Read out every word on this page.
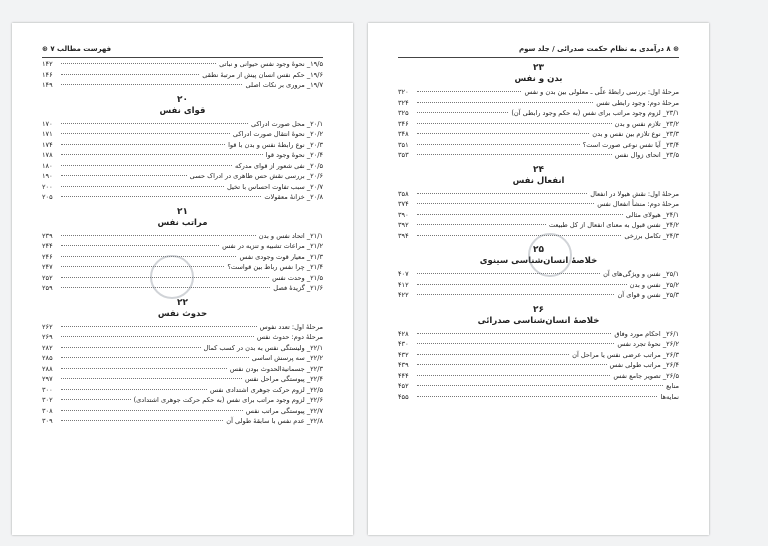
فهرست مطالب ۷ ⊛
۱۹/۵_ نحوۀ وجود نفس حیوانی و نباتی
۱۴۲
۱۹/۶_ حکم نفس انسان پیش از مرتبۀ نطقی
۱۴۶
۱۹/۷_ مروری بر نکات اصلی
۱۴۹
۲۰
قوای نفس
۲۰/۱_ محل صورت ادراکی
۱۷۰
۲۰/۲_ نحوۀ انتقال صورت ادراکی
۱۷۱
۲۰/۳_ نوع رابطۀ نفس و بدن با قوا
۱۷۴
۲۰/۴_ نحوۀ وجود قوا
۱۷۸
۲۰/۵_ نفی شعور از قوای مدرکه
۱۸۰
۲۰/۶_ بررسی نقش حس ظاهری در ادراک حسی
۱۹۰
۲۰/۷_ سبب تفاوت احساس با تخیل
۲۰۰
۲۰/۸_ خزانۀ معقولات
۲۰۵
۲۱
مراتب نفس
۲۱/۱_ اتحاد نفس و بدن
۲۳۹
۲۱/۲_ مراعات تشبیه و تنزیه در نفس
۲۴۴
۲۱/۳_ معیار قوت وجودی نفس
۲۴۶
۲۱/۴_ چرا نفس رباط بین قواست؟
۲۴۷
۲۱/۵_ وحدت نفس
۲۵۲
۲۱/۶_ گزیدۀ فصل
۲۵۹
۲۲
حدوث نفس
مرحلۀ اول: تعدد نفوس
۲۶۲
مرحلۀ دوم: حدوث نفس
۲۶۹
۲۲/۱_ ولیستگی نفس به بدن در کسب کمال
۲۸۲
۲۲/۲_ سه پرسش اساسی
۲۸۵
۲۲/۳_ جسمانیةالحدوث بودن نفس
۲۸۸
۲۲/۴_ پیوستگی مراحل نفس
۲۹۷
۲۲/۵_ لزوم حرکت جوهری اشتدادی نفس
۳۰۰
۲۲/۶_ لزوم وجود مراتب برای نفس (به حکم حرکت جوهری اشتدادی)
۳۰۲
۲۲/۷_ پیوستگی مراتب نفس
۳۰۸
۲۲/۸_ عدم نفس با سابقۀ طولی آن
۳۰۹
⊛ ۸ درآمدی به نظام حکمت صدرائی / جلد سوم
۲۳
بدن و نفس
مرحلۀ اول: بررسی رابطۀ علّی ـ معلولی بین بدن و نفس
۳۲۰
مرحلۀ دوم: وجود رابطی نفس
۳۲۴
۲۳/۱_ لزوم وجود مراتب برای نفس (به حکم وجود رابطی آن)
۳۲۵
۲۳/۲_ تلازم نفس و بدن
۳۴۶
۲۳/۳_ نوع تلازم بین نفس و بدن
۳۴۸
۲۳/۴_ آیا نفس نوعی صورت است؟
۳۵۱
۲۳/۵_ انحای زوال نفس
۳۵۳
۲۴
انفعال نفس
مرحلۀ اول: نقش هیولا در انفعال
۳۵۸
مرحلۀ دوم: منشأ انفعال نفس
۳۷۴
۲۴/۱_ هیولای مثالی
۳۹۰
۲۴/۲_ نفس قبول به معنای انفعال از کل طبیعت
۳۹۲
۲۴/۳_ تکامل برزخی
۳۹۴
۲۵
خلاصۀ انسان‌شناسی سینوی
۲۵/۱_ نفس و ویژگی‌های آن
۴۰۷
۲۵/۲_ نفس و بدن
۴۱۲
۲۵/۳_ نفس و قوای آن
۴۲۲
۲۶
خلاصۀ انسان‌شناسی صدرائی
۲۶/۱_ احکام مورد وفاق
۴۲۸
۲۶/۲_ نحوۀ تجرد نفس
۴۳۰
۲۶/۳_ مراتب عرضی نفس یا مراحل آن
۴۳۲
۲۶/۴_ مراتب طولی نفس
۴۳۹
۲۶/۵_ تصویر جامع نفس
۴۴۴
منابع
۴۵۲
نمایه‌ها
۴۵۵
